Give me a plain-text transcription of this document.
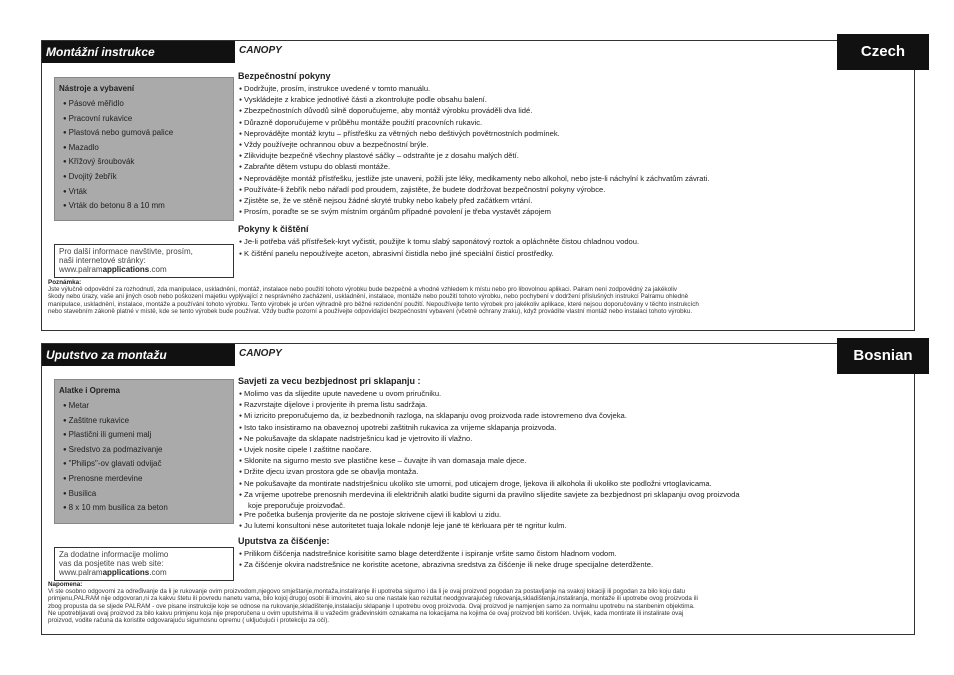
Montážní instrukce	CANOPY
Nástroje a vybavení
● Pásové měřidlo
● Pracovní rukavice
● Plastová nebo gumová palice
● Mazadlo
● Křížový šroubovák
● Dvojitý žebřík
● Vrták
● Vrták do betonu 8 a 10 mm
Pro další informace navštivte, prosím,
naši internetové stránky:
www.palramapplications.com
Bezpečnostní pokyny
● Dodržujte, prosím, instrukce uvedené v tomto manuálu.
● Vyskládejte z krabice jednotlivé části a zkontrolujte podle obsahu balení.
● Zbezpečnostních důvodů silně doporučujeme, aby montáž výrobku prováděli dva lidé.
● Důrazně doporučujeme v průběhu montáže použití pracovních rukavic.
● Neprovádějte montáž krytu – přístřešku za větrných nebo deštivých povětrnostních podmínek.
● Vždy používejte ochrannou obuv a bezpečnostní brýle.
● Zlikvidujte bezpečně všechny plastové sáčky – odstraňte je z dosahu malých dětí.
● Zabraňte dětem vstupu do oblasti montáže.
● Neprovádějte montáž přístřešku, jestliže jste unaveni, požili jste léky, medikamenty nebo alkohol, nebo jste-li náchylní k záchvatům závrati.
● Používáte-li žebřík nebo nářadí pod proudem, zajistěte, že budete dodržovat bezpečnostní pokyny výrobce.
● Zjistěte se, že ve stěně nejsou žádné skryté trubky nebo kabely před začátkem vrtání.
● Prosím, poraďte se se svým místním orgánům případné povolení je třeba vystavět zápojem
Pokyny k čištění
● Je-li potřeba váš přístřešek-kryt vyčistit, použijte k tomu slabý saponátový roztok a opláchněte čistou chladnou vodou.
● K čištění panelu nepoužívejte aceton, abrasivní čistidla nebo jiné speciální čisticí prostředky.
Poznámka:
Jste výlučně odpovědní za rozhodnutí, zda manipulace, uskladnění, montáž, instalace nebo použití tohoto výrobku bude bezpečné a vhodné vzhledem k místu nebo pro libovolnou aplikaci. Palram není zodpovědný za jakékoliv
škody nebo úrazy, vaše ani jiných osob nebo poškození majetku vyplývající z nesprávného zacházení, uskladnění, instalace, montáže nebo použití tohoto výrobku, nebo pochybení v dodržení příslušných instrukcí Palramu ohledně
manipulace, uskladnění, instalace, montáže a používání tohoto výrobku. Tento výrobek je určen výhradně pro běžné rezidenční použití. Nepoužívejte tento výrobek pro jakékoliv aplikace, které nejsou doporučovány v těchto instrukcích
nebo stavebním zákoně platné v místě, kde se tento výrobek bude používat. Vždy buďte pozorní a používejte odpovídající bezpečnostní vybavení (včetně ochrany zraku), když provádíte vlastní montáž nebo instalaci tohoto výrobku.
Czech
Uputstvo za montažu	CANOPY
Alatke i Oprema
● Metar
● Zaštitne rukavice
● Plastični ili gumeni malj
● Sredstvo za podmazivanje
● "Philips"-ov glavati odvijač
● Prenosne merdevine
● Busilica
● 8 x 10 mm busilica za beton
Za dodatne informacije molimo
vas da posjetite nas web site:
www.palramapplications.com
Savjeti za vecu bezbjednost pri sklapanju :
● Molimo vas da slijedite upute navedene u ovom priručniku.
● Razvrstajte dijelove i provjerite ih prema listu sadržaja.
● Mi izricito preporučujemo da, iz bezbednonih razloga, na sklapanju ovog proizvoda rade istovremeno dva čovjeka.
● Isto tako insistiramo na obaveznoj upotrebi zaštitnih rukavica za vrijeme sklapanja proizvoda.
● Ne pokušavajte da sklapate nadstrješnicu kad je vjetrovito ili vlažno.
● Uvjek nosite cipele I zaštitne naočare.
● Sklonite na sigurno mesto sve plastične kese – čuvajte ih van domasaja male djece.
● Držite djecu izvan prostora gde se obavlja montaža.
● Ne pokušavajte da montirate nadstrješnicu ukoliko ste umorni, pod uticajem droge, ljekova ili alkohola ili ukoliko ste podložni vrtoglavicama.
● Za vrijeme upotrebe prenosnih merdevina ili električnih alatki budite sigurni da pravilno slijedite savjete za bezbjednost pri sklapanju ovog proizvoda
koje preporučuje proizvođač.
● Pre početka bušenja provjerite da ne postoje skrivene cijevi ili kablovi u zidu.
● Ju lutemi konsultoni nëse autoritetet tuaja lokale ndonjë leje janë të kërkuara për të ngritur kulm.
Uputstva za čišćenje:
● Prilikom čišćenja nadstrešnice korisitite samo blage deterdžente i ispiranje vršite samo čistom hladnom vodom.
● Za čišćenje okvira nadstrešnice ne koristite acetone, abrazivna sredstva za čišćenje ili neke druge specijalne deterdžente.
Napomena:
Vi ste osobno odgovorni za određivanje da li je rukovanje ovim proizvodom,njegovo smještanje,montaža,instaliranje ili upotreba sigurno i da li je ovaj proizvod pogodan za postavljanje na svakoj lokaciji ili pogodan za bilo koju datu
primjenu,PALRAM nije odgovoran,ni za kakvu štetu ili povredu nanetu vama, bilo kojoj drugoj osobi ili imovini, ako su one nastale kao rezultat neodgovarajućeg rukovanja,skladištenja,instaliranja, montaže ili upotrebe ovog proizvoda ili
zbog propusta da se sljede PALRAM - ove pisane instrukcije koje se odnose na rukovanje,skladištenje,instalaciju sklapanje I upotrebu ovog proizvoda. Ovaj proizvod je namjenjen samo za normalnu upotrebu na stanbenim objektima.
Ne upotrebljavati ovaj proizvod za bilo kakvu primjenu koja nije preporučena u ovim uputstvima ili u važećim građevinskim oznakama na lokacijama na kojima će ovaj proizvod biti korišćen. Uvijek, kada montirate ili instalirate ovaj
proizvod, vodite računa da koristite odgovarajuću sigurnosnu opremu ( uključujući i protekciju za oči).
Bosnian
